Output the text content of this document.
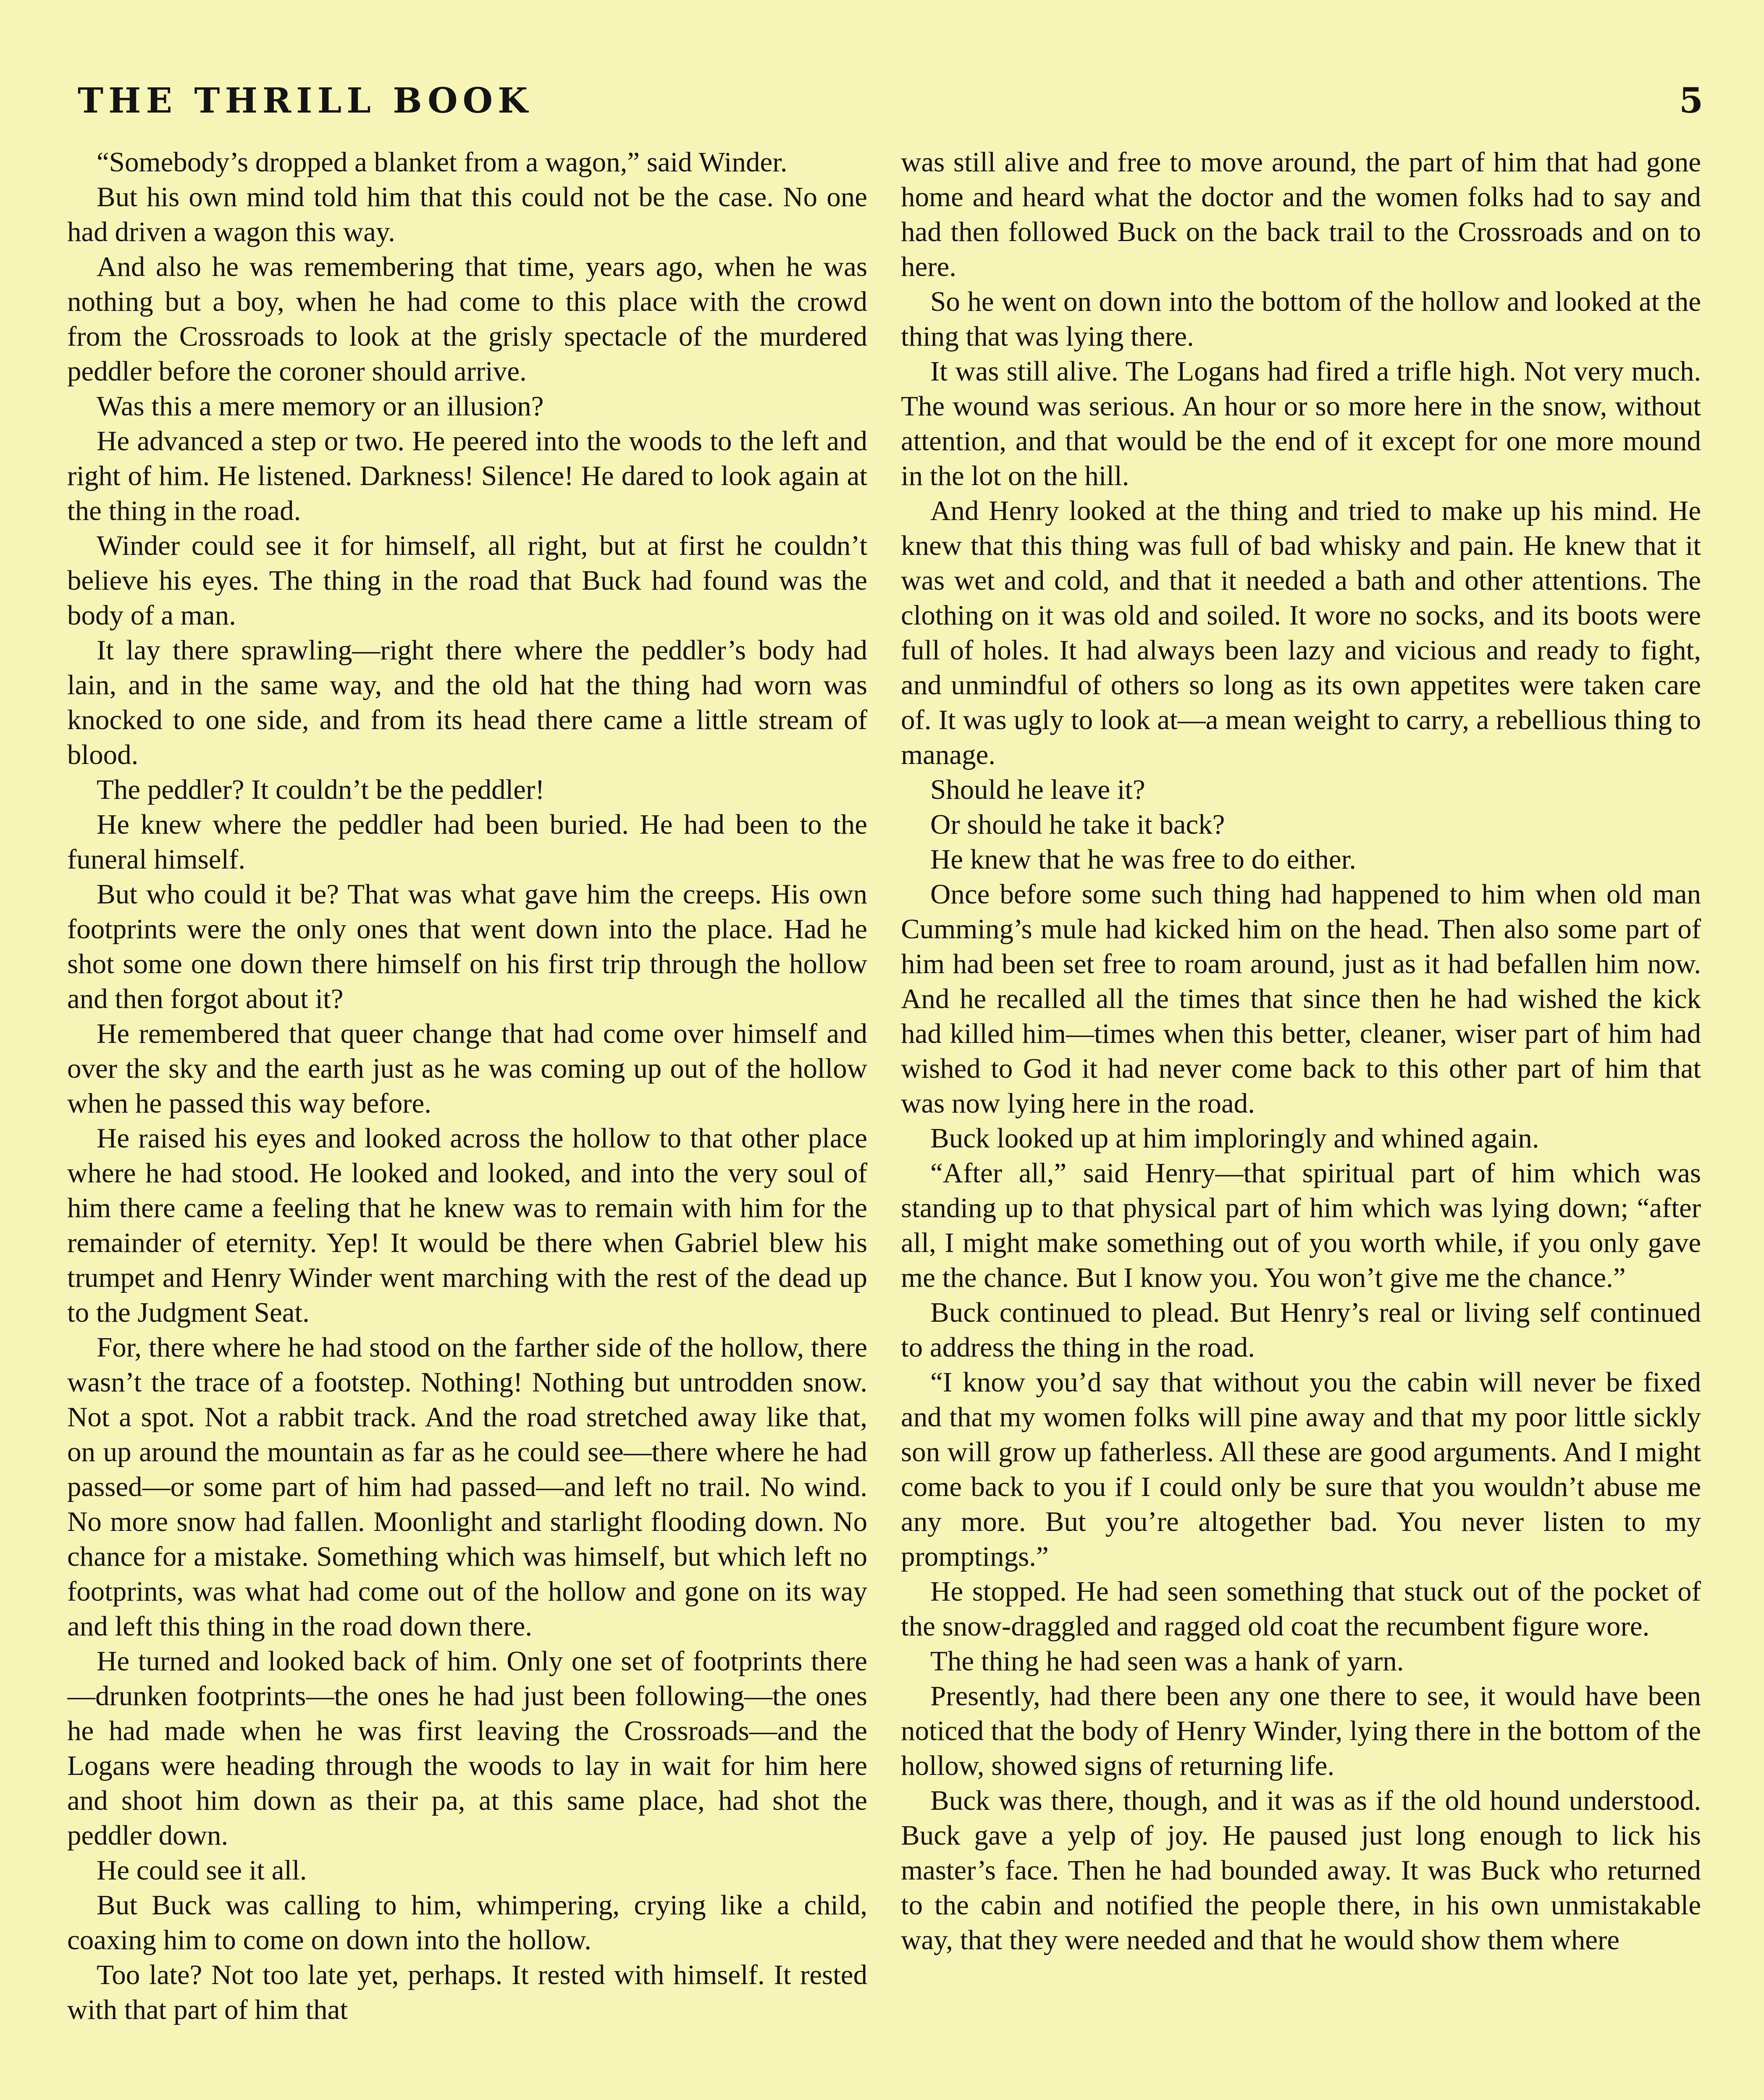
THE THRILL BOOK	5

“Somebody’s dropped a blanket from a wagon,” said Winder.

But his own mind told him that this could not be the case. No one had driven a wagon this way.

And also he was remembering that time, years ago, when he was nothing but a boy, when he had come to this place with the crowd from the Crossroads to look at the grisly spectacle of the murdered peddler before the coroner should arrive.

Was this a mere memory or an illusion?

He advanced a step or two. He peered into the woods to the left and right of him. He listened. Darkness! Silence! He dared to look again at the thing in the road.

Winder could see it for himself, all right, but at first he couldn’t believe his eyes. The thing in the road that Buck had found was the body of a man.

It lay there sprawling—right there where the peddler’s body had lain, and in the same way, and the old hat the thing had worn was knocked to one side, and from its head there came a little stream of blood.

The peddler? It couldn’t be the peddler!

He knew where the peddler had been buried. He had been to the funeral himself.

But who could it be? That was what gave him the creeps. His own footprints were the only ones that went down into the place. Had he shot some one down there himself on his first trip through the hollow and then forgot about it?

He remembered that queer change that had come over himself and over the sky and the earth just as he was coming up out of the hollow when he passed this way before.

He raised his eyes and looked across the hollow to that other place where he had stood. He looked and looked, and into the very soul of him there came a feeling that he knew was to remain with him for the remainder of eternity. Yep! It would be there when Gabriel blew his trumpet and Henry Winder went marching with the rest of the dead up to the Judgment Seat.

For, there where he had stood on the farther side of the hollow, there wasn’t the trace of a footstep. Nothing! Nothing but untrodden snow. Not a spot. Not a rabbit track. And the road stretched away like that, on up around the mountain as far as he could see—there where he had passed—or some part of him had passed—and left no trail. No wind. No more snow had fallen. Moonlight and starlight flooding down. No chance for a mistake. Something which was himself, but which left no footprints, was what had come out of the hollow and gone on its way and left this thing in the road down there.

He turned and looked back of him. Only one set of footprints there—drunken footprints—the ones he had just been following—the ones he had made when he was first leaving the Crossroads—and the Logans were heading through the woods to lay in wait for him here and shoot him down as their pa, at this same place, had shot the peddler down.

He could see it all.

But Buck was calling to him, whimpering, crying like a child, coaxing him to come on down into the hollow.

Too late? Not too late yet, perhaps. It rested with himself. It rested with that part of him that

was still alive and free to move around, the part of him that had gone home and heard what the doctor and the women folks had to say and had then followed Buck on the back trail to the Crossroads and on to here.

So he went on down into the bottom of the hollow and looked at the thing that was lying there.

It was still alive. The Logans had fired a trifle high. Not very much. The wound was serious. An hour or so more here in the snow, without attention, and that would be the end of it except for one more mound in the lot on the hill.

And Henry looked at the thing and tried to make up his mind. He knew that this thing was full of bad whisky and pain. He knew that it was wet and cold, and that it needed a bath and other attentions. The clothing on it was old and soiled. It wore no socks, and its boots were full of holes. It had always been lazy and vicious and ready to fight, and unmindful of others so long as its own appetites were taken care of. It was ugly to look at—a mean weight to carry, a rebellious thing to manage.

Should he leave it?

Or should he take it back?

He knew that he was free to do either.

Once before some such thing had happened to him when old man Cumming’s mule had kicked him on the head. Then also some part of him had been set free to roam around, just as it had befallen him now. And he recalled all the times that since then he had wished the kick had killed him—times when this better, cleaner, wiser part of him had wished to God it had never come back to this other part of him that was now lying here in the road.

Buck looked up at him imploringly and whined again.

“After all,” said Henry—that spiritual part of him which was standing up to that physical part of him which was lying down; “after all, I might make something out of you worth while, if you only gave me the chance. But I know you. You won’t give me the chance.”

Buck continued to plead. But Henry’s real or living self continued to address the thing in the road.

“I know you’d say that without you the cabin will never be fixed and that my women folks will pine away and that my poor little sickly son will grow up fatherless. All these are good arguments. And I might come back to you if I could only be sure that you wouldn’t abuse me any more. But you’re altogether bad. You never listen to my promptings.”

He stopped. He had seen something that stuck out of the pocket of the snow-draggled and ragged old coat the recumbent figure wore.

The thing he had seen was a hank of yarn.

Presently, had there been any one there to see, it would have been noticed that the body of Henry Winder, lying there in the bottom of the hollow, showed signs of returning life.

Buck was there, though, and it was as if the old hound understood. Buck gave a yelp of joy. He paused just long enough to lick his master’s face. Then he had bounded away. It was Buck who returned to the cabin and notified the people there, in his own unmistakable way, that they were needed and that he would show them where
